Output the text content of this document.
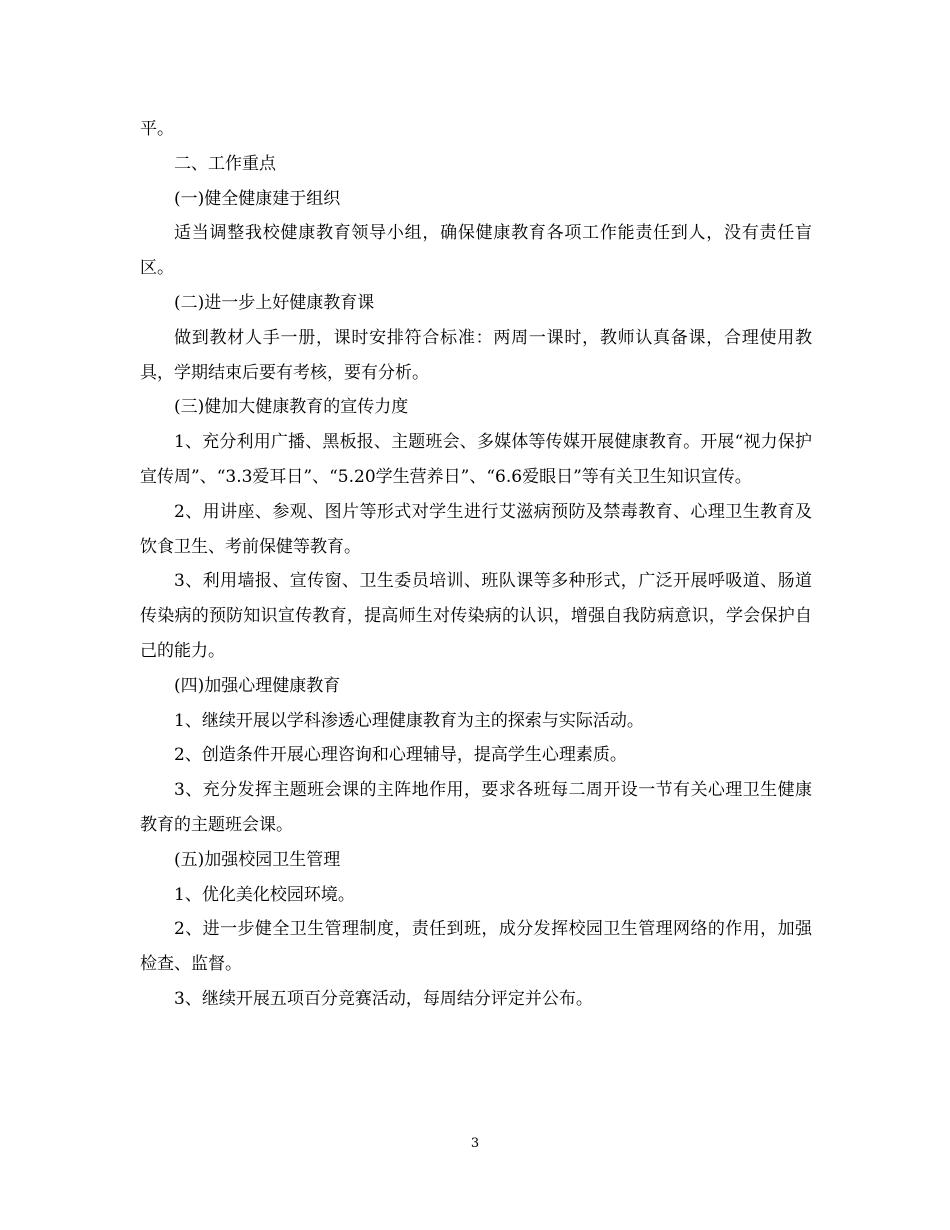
平。

二、工作重点

(一)健全健康建于组织

适当调整我校健康教育领导小组，确保健康教育各项工作能责任到人，没有责任盲区。

(二)进一步上好健康教育课

做到教材人手一册，课时安排符合标准：两周一课时，教师认真备课，合理使用教具，学期结束后要有考核，要有分析。

(三)健加大健康教育的宣传力度

1、充分利用广播、黑板报、主题班会、多媒体等传媒开展健康教育。开展“视力保护宣传周”、“3.3爱耳日”、“5.20学生营养日”、“6.6爱眼日”等有关卫生知识宣传。

2、用讲座、参观、图片等形式对学生进行艾滋病预防及禁毒教育、心理卫生教育及饮食卫生、考前保健等教育。

3、利用墙报、宣传窗、卫生委员培训、班队课等多种形式，广泛开展呼吸道、肠道传染病的预防知识宣传教育，提高师生对传染病的认识，增强自我防病意识，学会保护自己的能力。

(四)加强心理健康教育

1、继续开展以学科渗透心理健康教育为主的探索与实际活动。

2、创造条件开展心理咨询和心理辅导，提高学生心理素质。

3、充分发挥主题班会课的主阵地作用，要求各班每二周开设一节有关心理卫生健康教育的主题班会课。

(五)加强校园卫生管理

1、优化美化校园环境。

2、进一步健全卫生管理制度，责任到班，成分发挥校园卫生管理网络的作用，加强检查、监督。

3、继续开展五项百分竞赛活动，每周结分评定并公布。

3
